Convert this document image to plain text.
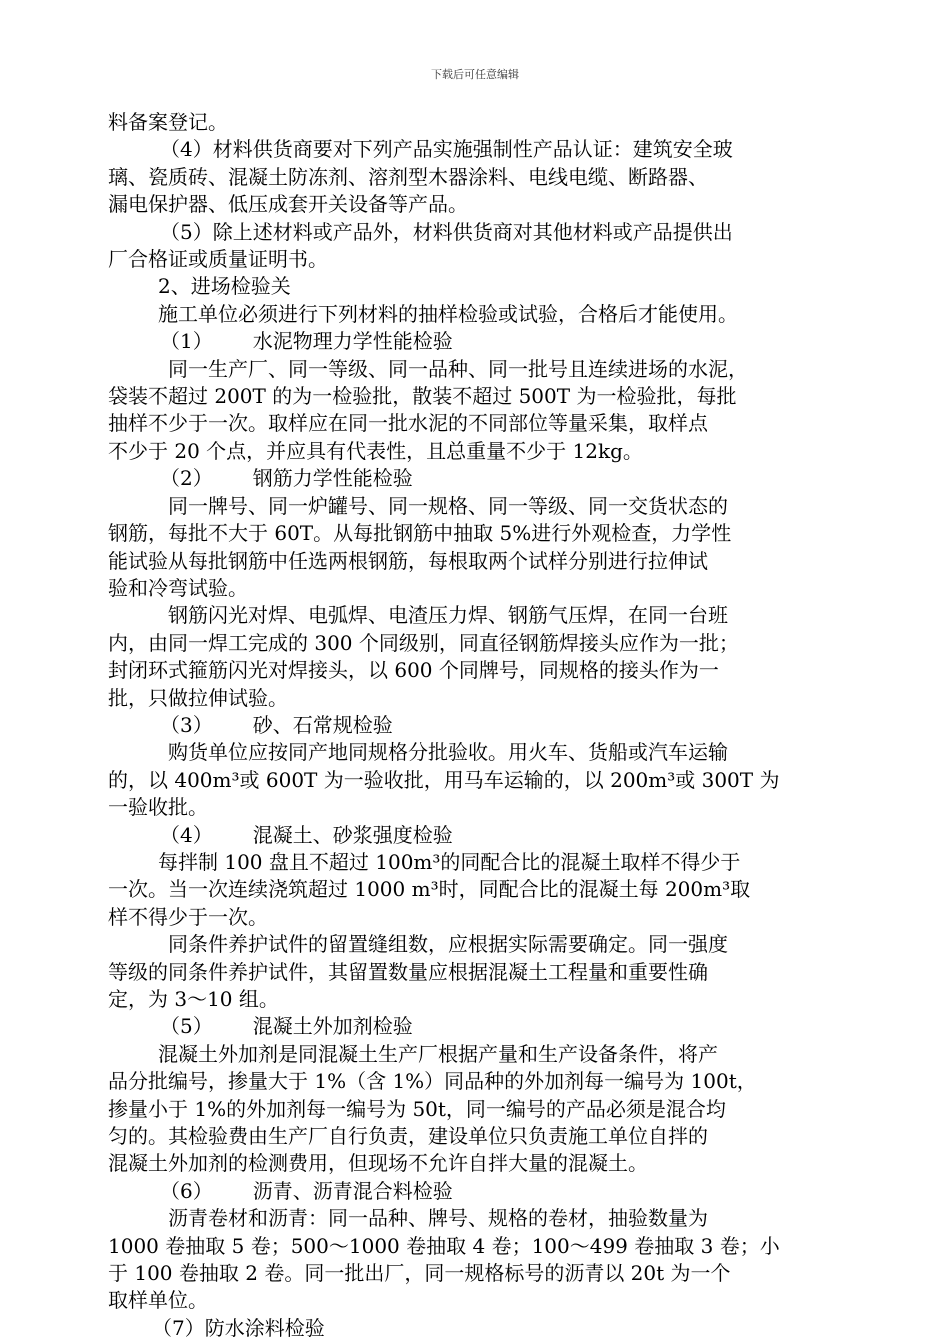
下载后可任意编辑
料备案登记。
（4）材料供货商要对下列产品实施强制性产品认证：建筑安全玻
璃、瓷质砖、混凝土防冻剂、溶剂型木器涂料、电线电缆、断路器、
漏电保护器、低压成套开关设备等产品。
（5）除上述材料或产品外，材料供货商对其他材料或产品提供出
厂合格证或质量证明书。
2、进场检验关
施工单位必须进行下列材料的抽样检验或试验，合格后才能使用。
（1） 水泥物理力学性能检验
同一生产厂、同一等级、同一品种、同一批号且连续进场的水泥，
袋装不超过 200T 的为一检验批，散装不超过 500T 为一检验批，每批
抽样不少于一次。取样应在同一批水泥的不同部位等量采集，取样点
不少于 20 个点，并应具有代表性，且总重量不少于 12kg。
（2） 钢筋力学性能检验
同一牌号、同一炉罐号、同一规格、同一等级、同一交货状态的
钢筋，每批不大于 60T。从每批钢筋中抽取 5%进行外观检查，力学性
能试验从每批钢筋中任选两根钢筋，每根取两个试样分别进行拉伸试
验和冷弯试验。
钢筋闪光对焊、电弧焊、电渣压力焊、钢筋气压焊，在同一台班
内，由同一焊工完成的 300 个同级别，同直径钢筋焊接头应作为一批；
封闭环式箍筋闪光对焊接头，以 600 个同牌号，同规格的接头作为一
批，只做拉伸试验。
（3） 砂、石常规检验
购货单位应按同产地同规格分批验收。用火车、货船或汽车运输
的，以 400m³或 600T 为一验收批，用马车运输的，以 200m³或 300T 为
一验收批。
（4） 混凝土、砂浆强度检验
每拌制 100 盘且不超过 100m³的同配合比的混凝土取样不得少于
一次。当一次连续浇筑超过 1000 m³时，同配合比的混凝土每 200m³取
样不得少于一次。
同条件养护试件的留置缝组数，应根据实际需要确定。同一强度
等级的同条件养护试件，其留置数量应根据混凝土工程量和重要性确
定，为 3～10 组。
（5） 混凝土外加剂检验
混凝土外加剂是同混凝土生产厂根据产量和生产设备条件，将产
品分批编号，掺量大于 1%（含 1%）同品种的外加剂每一编号为 100t，
掺量小于 1%的外加剂每一编号为 50t，同一编号的产品必须是混合均
匀的。其检验费由生产厂自行负责，建设单位只负责施工单位自拌的
混凝土外加剂的检测费用，但现场不允许自拌大量的混凝土。
（6） 沥青、沥青混合料检验
沥青卷材和沥青：同一品种、牌号、规格的卷材，抽验数量为
1000 卷抽取 5 卷；500～1000 卷抽取 4 卷；100～499 卷抽取 3 卷；小
于 100 卷抽取 2 卷。同一批出厂，同一规格标号的沥青以 20t 为一个
取样单位。
（7）防水涂料检验
